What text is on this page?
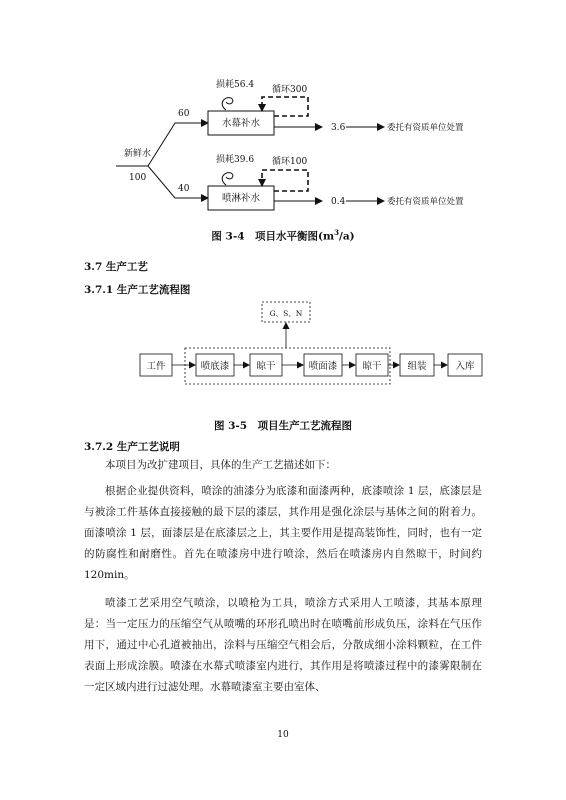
损耗56.4 循环300
60
新鲜水
损耗39.6 循环100
100
40
3.6
0.4
委托有资质单位处置
委托有资质单位处置
水幕补水
喷淋补水
图 3-4　项目水平衡图$(m^3/a)$
3.7 生产工艺
3.7.1 生产工艺流程图
G、S、N
工件	喷底漆	晾干	喷面漆	晾干	组装	入库
图 3-5　项目生产工艺流程图
3.7.2 生产工艺说明

本项目为改扩建项目，具体的生产工艺描述如下：

根据企业提供资料，喷涂的油漆分为底漆和面漆两种，底漆喷涂 1 层，底漆层是与被涂工件基体直接接触的最下层的漆层，其作用是强化涂层与基体之间的附着力。面漆喷涂 1 层，面漆层是在底漆层之上，其主要作用是提高装饰性，同时，也有一定的防腐性和耐磨性。首先在喷漆房中进行喷涂，然后在喷漆房内自然晾干，时间约 120min。

喷漆工艺采用空气喷涂，以喷枪为工具，喷涂方式采用人工喷漆，其基本原理是：当一定压力的压缩空气从喷嘴的环形孔喷出时在喷嘴前形成负压，涂料在气压作用下，通过中心孔道被抽出，涂料与压缩空气相会后，分散成细小涂料颗粒，在工件表面上形成涂膜。喷漆在水幕式喷漆室内进行，其作用是将喷漆过程中的漆雾限制在一定区域内进行过滤处理。水幕喷漆室主要由室体、

10
